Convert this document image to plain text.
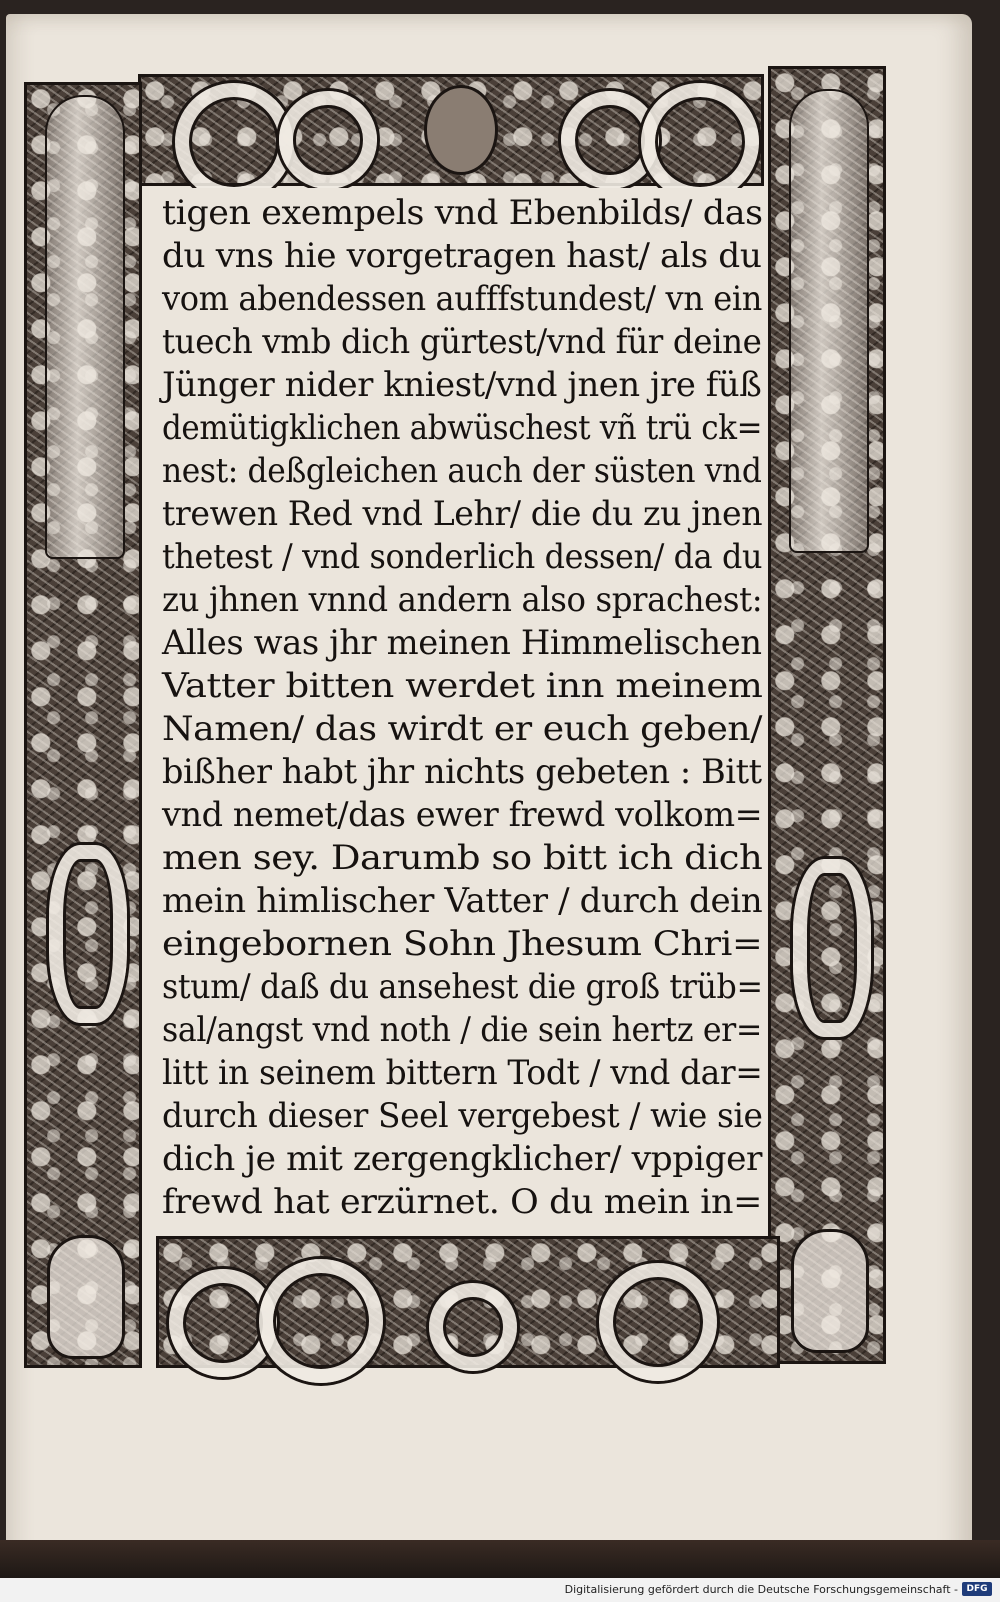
tigen exempels vnd Ebenbilds/ das
du vns hie vorgetragen hast/ als du
vom abendessen aufffstundest/ vn ein
tuech vmb dich gürtest/vnd für deine
Jünger nider kniest/vnd jnen jre füß
demütigklichen abwüschest vñ trü ck=
nest: deßgleichen auch der süsten vnd
trewen Red vnd Lehr/ die du zu jnen
thetest / vnd sonderlich dessen/ da du
zu jhnen vnnd andern also sprachest:
Alles was jhr meinen Himmelischen
Vatter bitten werdet inn meinem
Namen/ das wirdt er euch geben/
bißher habt jhr nichts gebeten : Bitt
vnd nemet/das ewer frewd volkom=
men sey. Darumb so bitt ich dich
mein himlischer Vatter / durch dein
eingebornen Sohn Jhesum Chri=
stum/ daß du ansehest die groß trüb=
sal/angst vnd noth / die sein hertz er=
litt in seinem bittern Todt / vnd dar=
durch dieser Seel vergebest / wie sie
dich je mit zergengklicher/ vppiger
frewd hat erzürnet. O du mein in=
Digitalisierung gefördert durch die Deutsche Forschungsgemeinschaft - DFG
